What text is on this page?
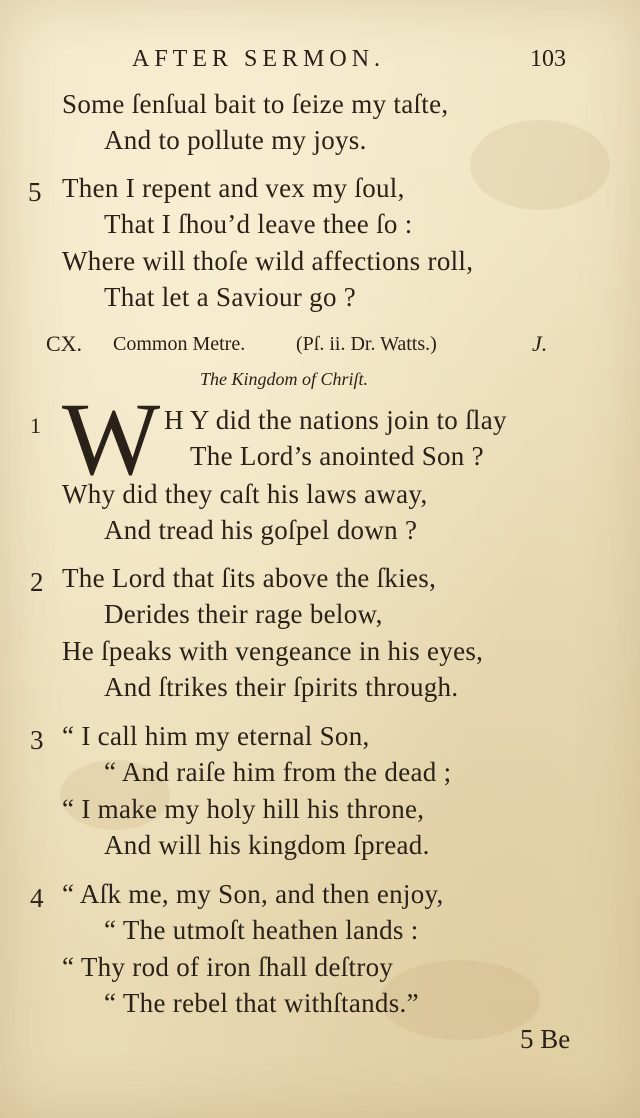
AFTER SERMON.	103
Some ſenſual bait to ſeize my taſte,
And to pollute my joys.
5 Then I repent and vex my ſoul,
That I ſhou’d leave thee ſo :
Where will thoſe wild affections roll,
That let a Saviour go ?
CX. Common Metre.	(Pſ. ii. Dr. Watts.)	J.
The Kingdom of Chriſt.
1 W H Y did the nations join to ſlay
The Lord’s anointed Son ?
Why did they caſt his laws away,
And tread his goſpel down ?
2 The Lord that ſits above the ſkies,
Derides their rage below,
He ſpeaks with vengeance in his eyes,
And ſtrikes their ſpirits through.
3 “ I call him my eternal Son,
“ And raiſe him from the dead ;
“ I make my holy hill his throne,
And will his kingdom ſpread.
4 “ Aſk me, my Son, and then enjoy,
“ The utmoſt heathen lands :
“ Thy rod of iron ſhall deſtroy
“ The rebel that withſtands.”
5 Be
